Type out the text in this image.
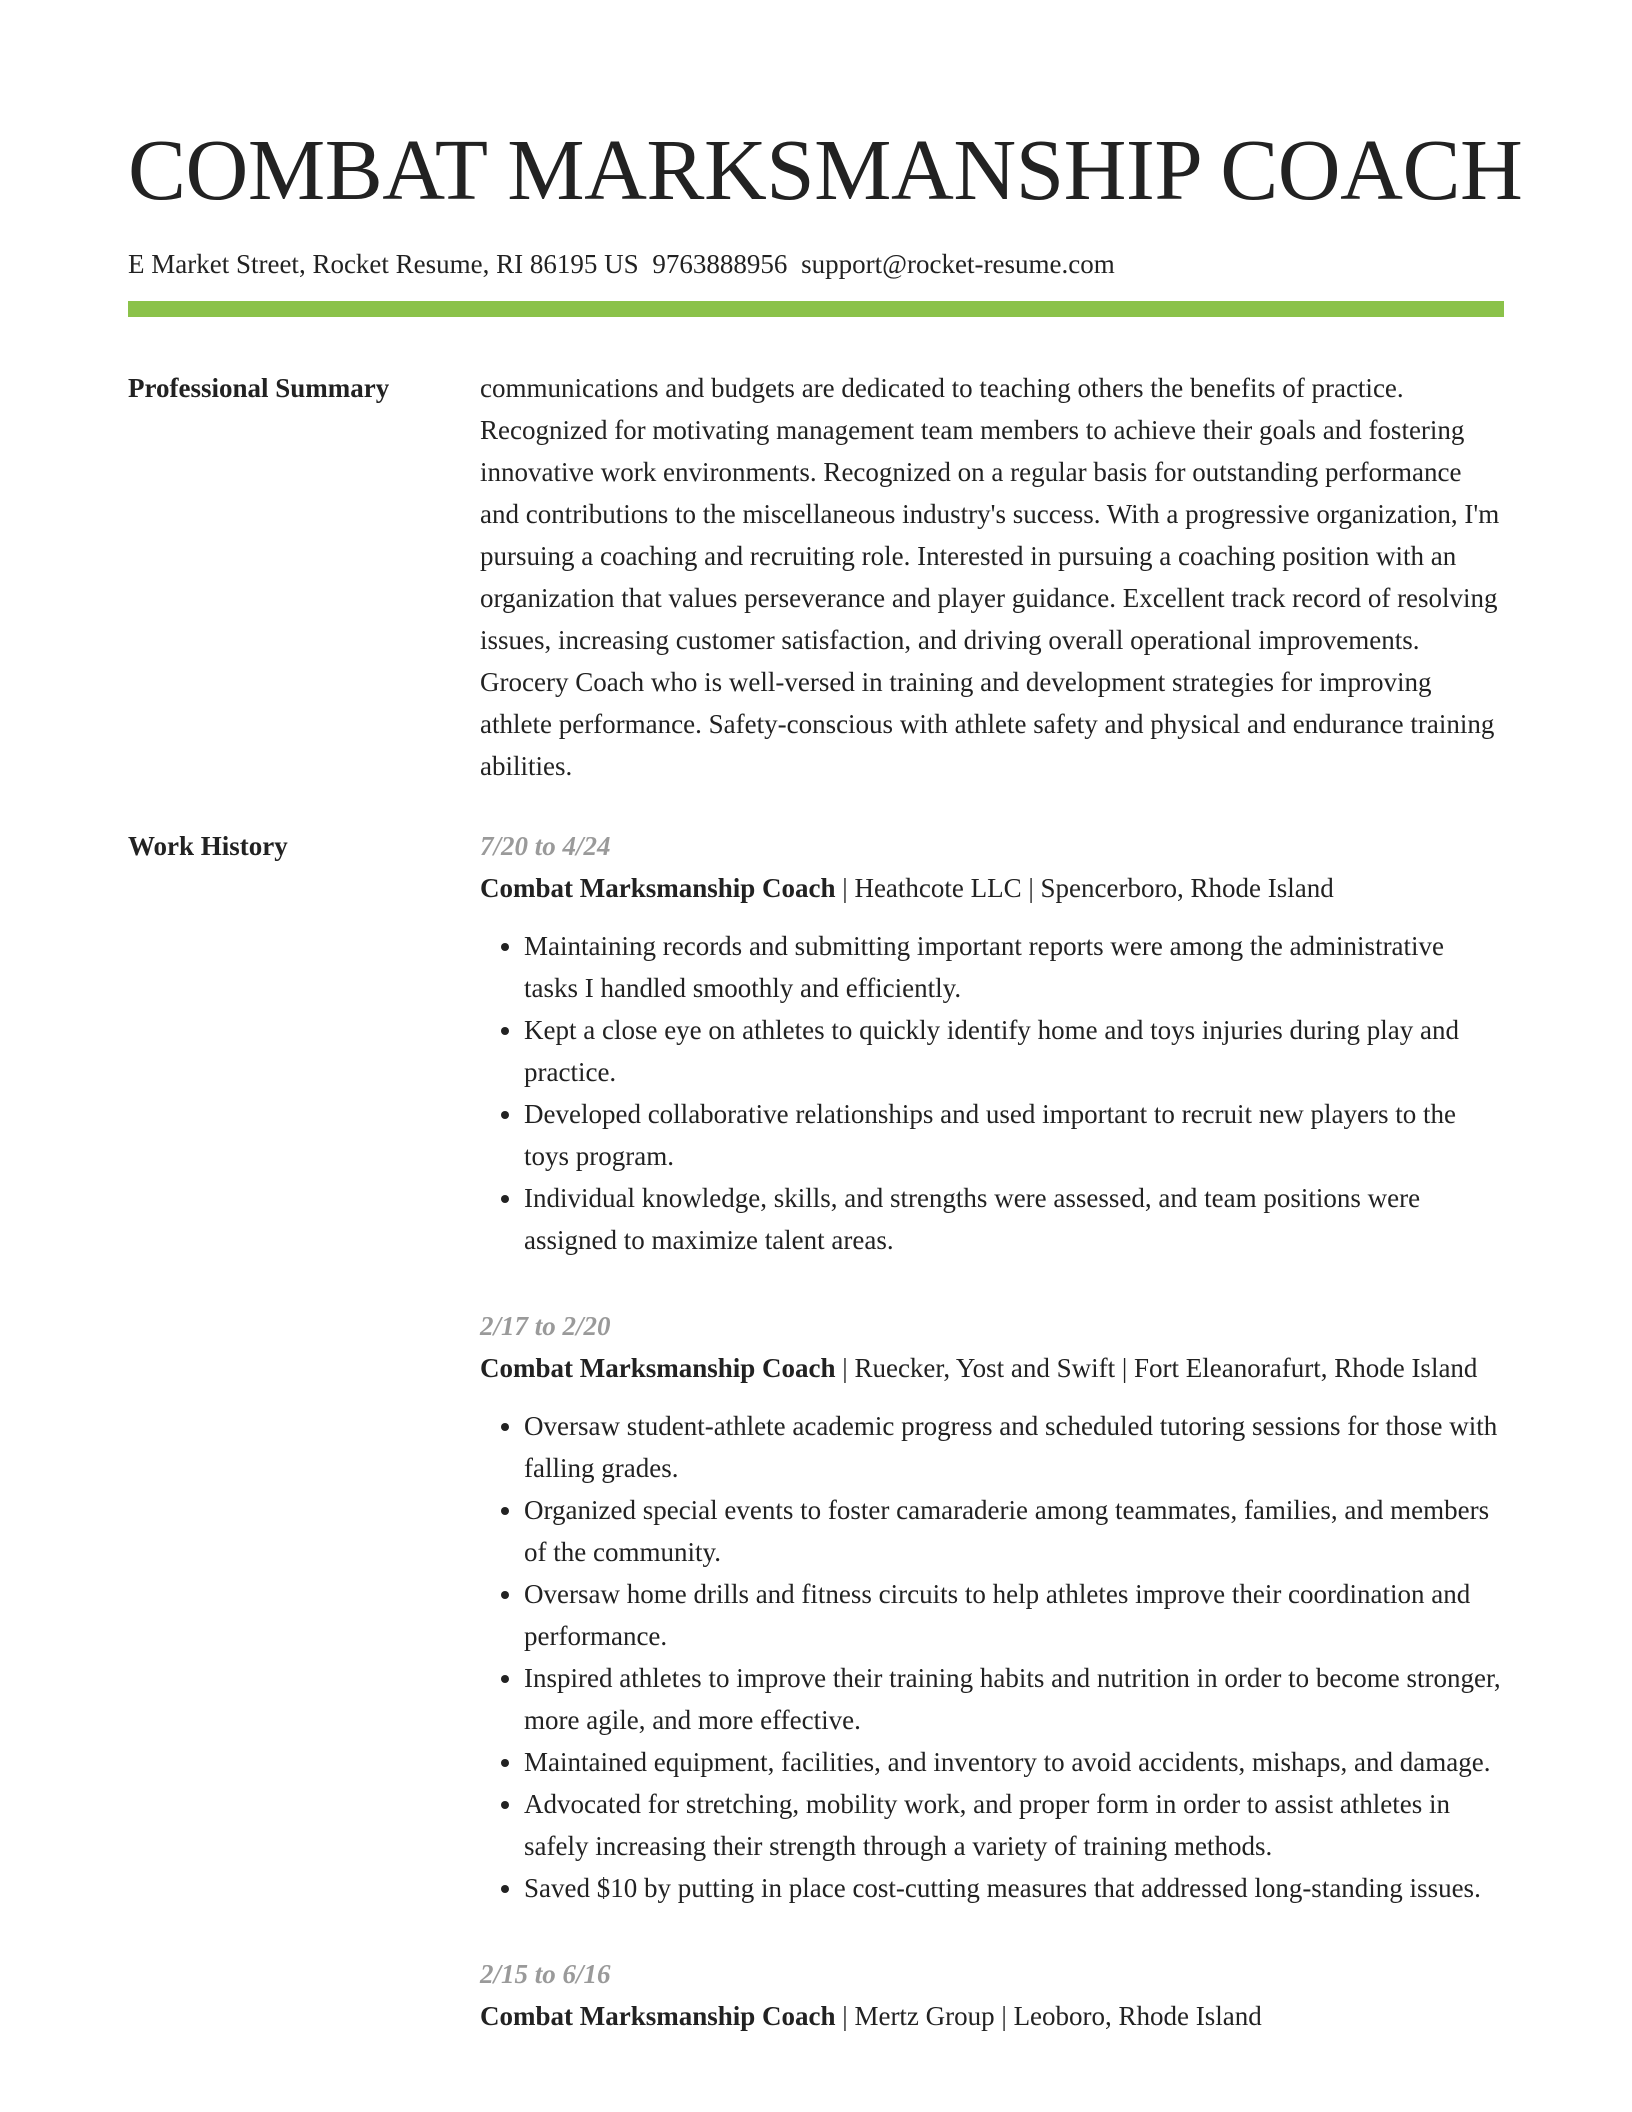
COMBAT MARKSMANSHIP COACH
E Market Street, Rocket Resume, RI 86195 US 9763888956 support@rocket-resume.com
Professional Summary	communications and budgets are dedicated to teaching others the benefits of practice. Recognized for motivating management team members to achieve their goals and fostering innovative work environments. Recognized on a regular basis for outstanding performance and contributions to the miscellaneous industry's success. With a progressive organization, I'm pursuing a coaching and recruiting role. Interested in pursuing a coaching position with an organization that values perseverance and player guidance. Excellent track record of resolving issues, increasing customer satisfaction, and driving overall operational improvements. Grocery Coach who is well-versed in training and development strategies for improving athlete performance. Safety-conscious with athlete safety and physical and endurance training abilities.

Work History	7/20 to 4/24
Combat Marksmanship Coach | Heathcote LLC | Spencerboro, Rhode Island
• Maintaining records and submitting important reports were among the administrative tasks I handled smoothly and efficiently.
• Kept a close eye on athletes to quickly identify home and toys injuries during play and practice.
• Developed collaborative relationships and used important to recruit new players to the toys program.
• Individual knowledge, skills, and strengths were assessed, and team positions were assigned to maximize talent areas.
2/17 to 2/20
Combat Marksmanship Coach | Ruecker, Yost and Swift | Fort Eleanorafurt, Rhode Island
• Oversaw student-athlete academic progress and scheduled tutoring sessions for those with falling grades.
• Organized special events to foster camaraderie among teammates, families, and members of the community.
• Oversaw home drills and fitness circuits to help athletes improve their coordination and performance.
• Inspired athletes to improve their training habits and nutrition in order to become stronger, more agile, and more effective.
• Maintained equipment, facilities, and inventory to avoid accidents, mishaps, and damage.
• Advocated for stretching, mobility work, and proper form in order to assist athletes in safely increasing their strength through a variety of training methods.
• Saved $10 by putting in place cost-cutting measures that addressed long-standing issues.
2/15 to 6/16
Combat Marksmanship Coach | Mertz Group | Leoboro, Rhode Island
